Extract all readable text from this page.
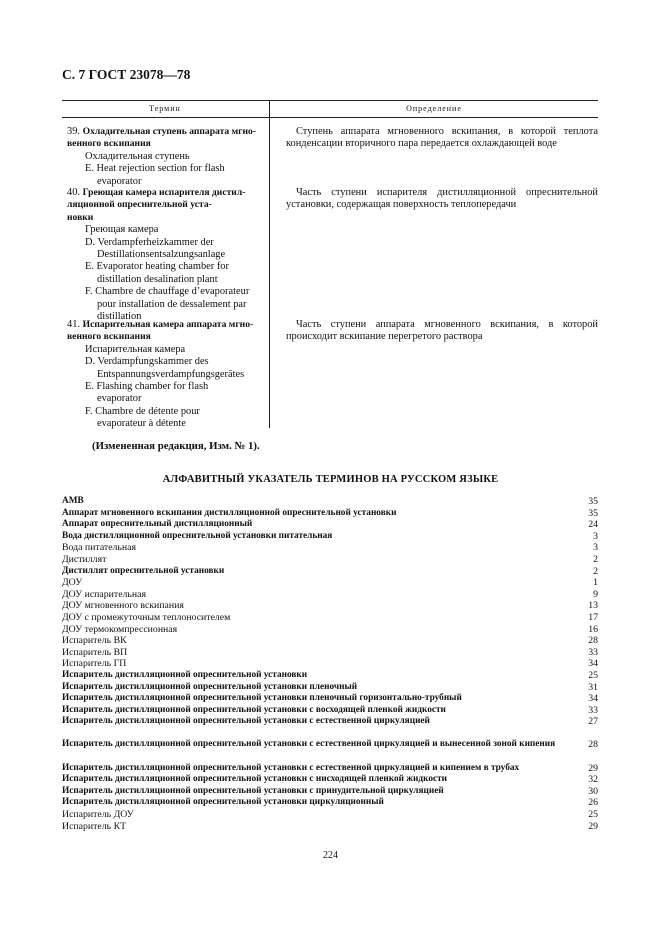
С. 7 ГОСТ 23078—78
Термин	Определение
39. Охладительная ступень аппарата мгно-
венного вскипания
Охладительная ступень
E. Heat rejection section for flash
evaporator
Ступень аппарата мгновенного вскипания, в которой теплота конденсации вторичного пара передается охлаждающей воде
40. Греющая камера испарителя дистил-
ляционной опреснительной уста-
новки
Греющая камера
D. Verdampferheizkammer der
Destillationsentsalzungsanlage
E. Evaporator heating chamber for
distillation desalination plant
F. Chambre de chauffage d’evaporateur
pour installation de dessalement par
distillation
Часть ступени испарителя дистилляционной опреснительной установки, содержащая поверхность теплопередачи
41. Испарительная камера аппарата мгно-
венного вскипания
Испарительная камера
D. Verdampfungskammer des
Entspannungsverdampfungsgerätes
E. Flashing chamber for flash
evaporator
F. Chambre de détente pour
evaporateur à détente
Часть ступени аппарата мгновенного вскипания, в которой происходит вскипание перегретого раствора
(Измененная редакция, Изм. № 1).
АЛФАВИТНЫЙ УКАЗАТЕЛЬ ТЕРМИНОВ НА РУССКОМ ЯЗЫКЕ
АМВ	35
Аппарат мгновенного вскипания дистилляционной опреснительной установки	35
Аппарат опреснительный дистилляционный	24
Вода дистилляционной опреснительной установки питательная	3
Вода питательная	3
Дистиллят	2
Дистиллят опреснительной установки	2
ДОУ	1
ДОУ испарительная	9
ДОУ мгновенного вскипания	13
ДОУ с промежуточным теплоносителем	17
ДОУ термокомпрессионная	16
Испаритель ВК	28
Испаритель ВП	33
Испаритель ГП	34
Испаритель дистилляционной опреснительной установки	25
Испаритель дистилляционной опреснительной установки пленочный	31
Испаритель дистилляционной опреснительной установки пленочный горизонтально-трубный	34
Испаритель дистилляционной опреснительной установки с восходящей пленкой жидкости	33
Испаритель дистилляционной опреснительной установки с естественной циркуляцией	27
Испаритель дистилляционной опреснительной установки с естественной циркуляцией и вынесенной зоной кипения	28
Испаритель дистилляционной опреснительной установки с естественной циркуляцией и кипением в трубах	29
Испаритель дистилляционной опреснительной установки с нисходящей пленкой жидкости	32
Испаритель дистилляционной опреснительной установки с принудительной циркуляцией	30
Испаритель дистилляционной опреснительной установки циркуляционный	26
Испаритель ДОУ	25
Испаритель КТ	29
224
